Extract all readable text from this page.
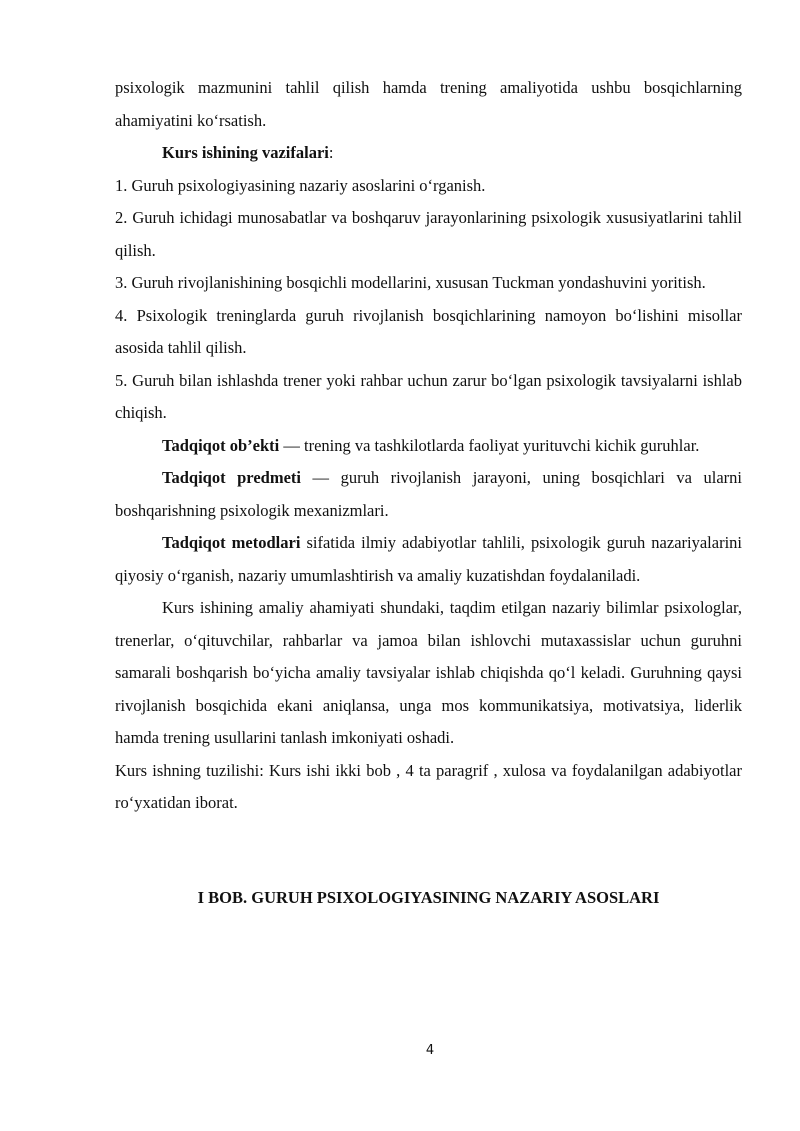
psixologik mazmunini tahlil qilish hamda trening amaliyotida ushbu bosqichlarning ahamiyatini ko‘rsatish.

Kurs ishining vazifalari:

1. Guruh psixologiyasining nazariy asoslarini o‘rganish.

2. Guruh ichidagi munosabatlar va boshqaruv jarayonlarining psixologik xususiyatlarini tahlil qilish.

3. Guruh rivojlanishining bosqichli modellarini, xususan Tuckman yondashuvini yoritish.

4. Psixologik treninglarda guruh rivojlanish bosqichlarining namoyon bo‘lishini misollar asosida tahlil qilish.

5. Guruh bilan ishlashda trener yoki rahbar uchun zarur bo‘lgan psixologik tavsiyalarni ishlab chiqish.

Tadqiqot ob’ekti — trening va tashkilotlarda faoliyat yurituvchi kichik guruhlar.

Tadqiqot predmeti — guruh rivojlanish jarayoni, uning bosqichlari va ularni boshqarishning psixologik mexanizmlari.

Tadqiqot metodlari sifatida ilmiy adabiyotlar tahlili, psixologik guruh nazariyalarini qiyosiy o‘rganish, nazariy umumlashtirish va amaliy kuzatishdan foydalaniladi.

Kurs ishining amaliy ahamiyati shundaki, taqdim etilgan nazariy bilimlar psixologlar, trenerlar, o‘qituvchilar, rahbarlar va jamoa bilan ishlovchi mutaxassislar uchun guruhni samarali boshqarish bo‘yicha amaliy tavsiyalar ishlab chiqishda qo‘l keladi. Guruhning qaysi rivojlanish bosqichida ekani aniqlansa, unga mos kommunikatsiya, motivatsiya, liderlik hamda trening usullarini tanlash imkoniyati oshadi.

Kurs ishning tuzilishi: Kurs ishi ikki bob , 4 ta paragrif , xulosa va foydalanilgan adabiyotlar ro‘yxatidan iborat.

I BOB. GURUH PSIXOLOGIYASINING NAZARIY ASOSLARI

4
